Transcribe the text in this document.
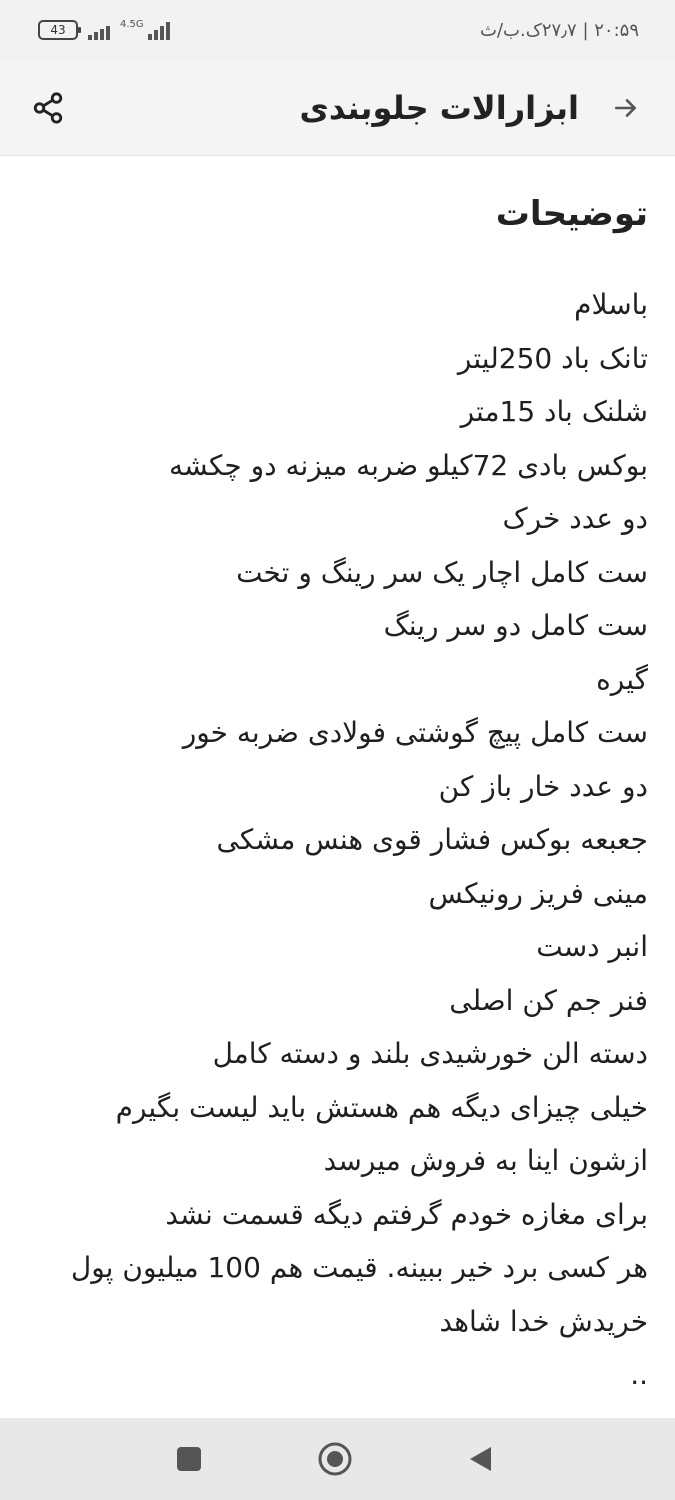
43	4.5G	۲۰:۵۹ | ۲۷٫۷ک.ب/ث
ابزارالات جلوبندی
توضیحات
باسلام
تانک باد 250لیتر
شلنک باد 15متر
بوکس بادی 72کیلو ضربه میزنه دو چکشه
دو عدد خرک
ست کامل اچار یک سر رینگ و تخت
ست کامل دو سر رینگ
گیره
ست کامل پیچ گوشتی فولادی ضربه خور
دو عدد خار باز کن
جعبعه بوکس فشار قوی هنس مشکی
مینی فریز رونیکس
انبر دست
فنر جم کن اصلی
دسته الن خورشیدی بلند و دسته کامل
خیلی چیزای دیگه هم هستش باید لیست بگیرم
ازشون اینا به فروش میرسد
برای مغازه خودم گرفتم دیگه قسمت نشد
هر کسی برد خیر ببینه. قیمت هم 100 میلیون پول
خریدش خدا شاهد
..
